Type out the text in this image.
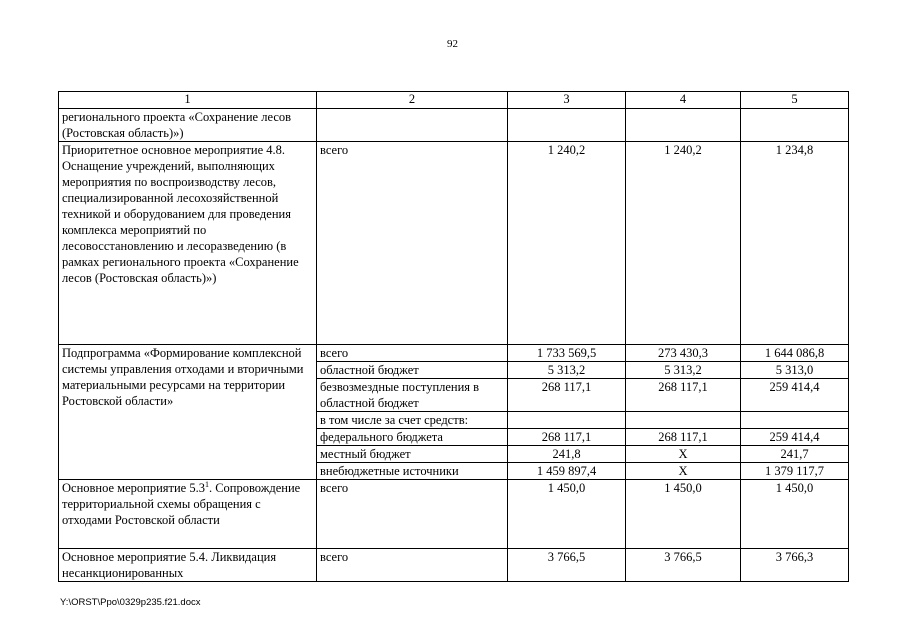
92
1	2	3	4	5
регионального проекта «Сохранение лесов (Ростовская область)»)				
Приоритетное основное мероприятие 4.8. Оснащение учреждений, выполняющих мероприятия по воспроизводству лесов, специализированной лесохозяйственной техникой и оборудованием для проведения комплекса мероприятий по лесовосстановлению и лесоразведению (в рамках регионального проекта «Сохранение лесов (Ростовская область)»)	всего	1 240,2	1 240,2	1 234,8
Подпрограмма «Формирование комплексной системы управления отходами и вторичными материальными ресурсами на территории Ростовской области»	всего	1 733 569,5	273 430,3	1 644 086,8
	областной бюджет	5 313,2	5 313,2	5 313,0
	безвозмездные поступления в областной бюджет	268 117,1	268 117,1	259 414,4
	в том числе за счет средств:			
	федерального бюджета	268 117,1	268 117,1	259 414,4
	местный бюджет	241,8	Х	241,7
	внебюджетные источники	1 459 897,4	Х	1 379 117,7
Основное мероприятие $5.3^1$. Сопровождение территориальной схемы обращения с отходами Ростовской области	всего	1 450,0	1 450,0	1 450,0
Основное мероприятие 5.4. Ликвидация несанкционированных	всего	3 766,5	3 766,5	3 766,3
Y:\ORST\Ppo\0329p235.f21.docx
